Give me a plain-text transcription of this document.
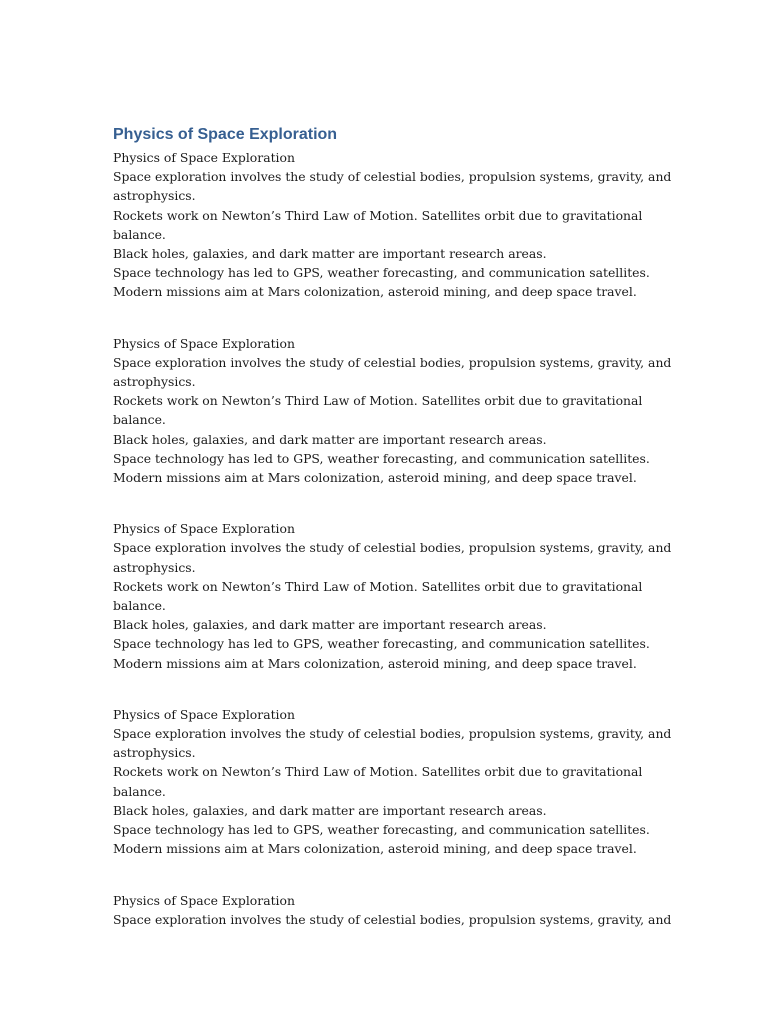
Physics of Space Exploration

Physics of Space Exploration

Space exploration involves the study of celestial bodies, propulsion systems, gravity, and

astrophysics.

Rockets work on Newton’s Third Law of Motion. Satellites orbit due to gravitational

balance.

Black holes, galaxies, and dark matter are important research areas.

Space technology has led to GPS, weather forecasting, and communication satellites.

Modern missions aim at Mars colonization, asteroid mining, and deep space travel.

Physics of Space Exploration

Space exploration involves the study of celestial bodies, propulsion systems, gravity, and

astrophysics.

Rockets work on Newton’s Third Law of Motion. Satellites orbit due to gravitational

balance.

Black holes, galaxies, and dark matter are important research areas.

Space technology has led to GPS, weather forecasting, and communication satellites.

Modern missions aim at Mars colonization, asteroid mining, and deep space travel.

Physics of Space Exploration

Space exploration involves the study of celestial bodies, propulsion systems, gravity, and

astrophysics.

Rockets work on Newton’s Third Law of Motion. Satellites orbit due to gravitational

balance.

Black holes, galaxies, and dark matter are important research areas.

Space technology has led to GPS, weather forecasting, and communication satellites.

Modern missions aim at Mars colonization, asteroid mining, and deep space travel.

Physics of Space Exploration

Space exploration involves the study of celestial bodies, propulsion systems, gravity, and

astrophysics.

Rockets work on Newton’s Third Law of Motion. Satellites orbit due to gravitational

balance.

Black holes, galaxies, and dark matter are important research areas.

Space technology has led to GPS, weather forecasting, and communication satellites.

Modern missions aim at Mars colonization, asteroid mining, and deep space travel.

Physics of Space Exploration

Space exploration involves the study of celestial bodies, propulsion systems, gravity, and
